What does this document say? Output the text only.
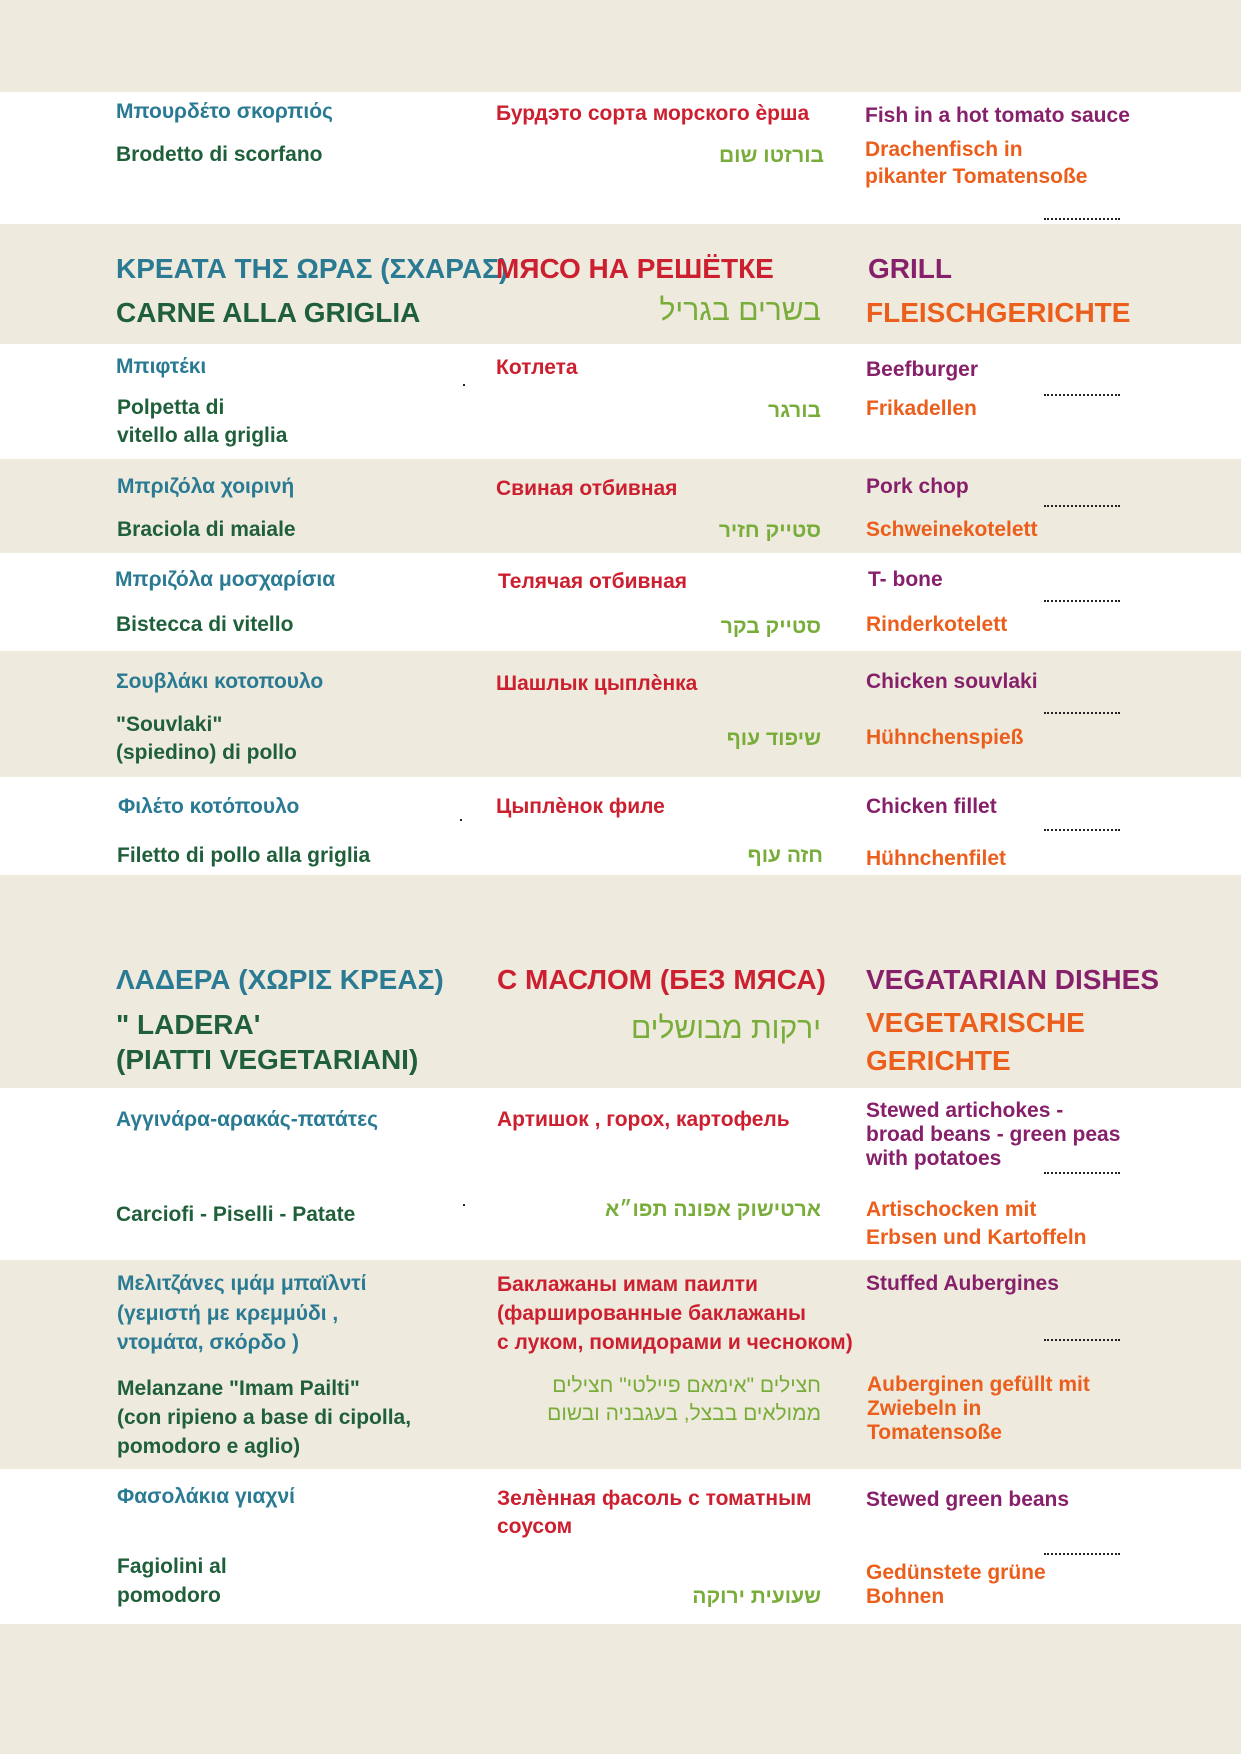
Μπουρδέτο σκορπιός
Brodetto di scorfano
Бурдэто сорта морского ѐрша
בורזטו שום
Fish in a hot tomato sauce
Drachenfisch in
pikanter Tomatensoße
ΚΡΕΑΤΑ ΤΗΣ ΩΡΑΣ (ΣΧΑΡΑΣ)
CARNE ALLA GRIGLIA
МЯСО НА РЕШЁТКЕ
בשרים בגריל
GRILL
FLEISCHGERICHTE
Μπιφτέκι
Polpetta di
vitello alla griglia
Котлета
בורגר
Beefburger
Frikadellen
Μπριζόλα χοιρινή
Braciola di maiale
Свиная отбивная
סטייק חזיר
Pork chop
Schweinekotelett
Μπριζόλα μοσχαρίσια
Bistecca di vitello
Телячая отбивная
סטייק בקר
T- bone
Rinderkotelett
Σουβλάκι κοτοπουλο
"Souvlaki"
(spiedino) di pollo
Шашлык цыплѐнка
שיפוד עוף
Chicken souvlaki
Hühnchenspieß
Φιλέτο κοτόπουλο
Filetto di pollo alla griglia
Цыплѐнок филе
חזה עוף
Chicken fillet
Hühnchenfilet
ΛΑΔΕΡΑ (ΧΩΡΙΣ ΚΡΕΑΣ)
" LADERA'
(PIATTI VEGETARIANI)
С МАСЛОМ (БЕЗ МЯСА)
ירקות מבושלים
VEGATARIAN DISHES
VEGETARISCHE
GERICHTE
Αγγινάρα-αρακάς-πατάτες
Carciofi - Piselli - Patate
Артишок , горох, картофель
ארטישוק אפונה תפו״א
Stewed artichokes -
broad beans - green peas
with potatoes
Artischocken mit
Erbsen und Kartoffeln
Μελιτζάνες ιμάμ μπαϊλντί
(γεμιστή με κρεμμύδι ,
ντομάτα, σκόρδο )
Melanzane "Imam Pailti"
(con ripieno a base di cipolla,
pomodoro e aglio)
Баклажаны имам паилти
(фаршированные баклажаны
с луком, помидорами и чесноком)
חצילים "אימאם פיילטי" חצילים
ממולאים בבצל, בעגבניה ובשום
Stuffed Aubergines
Auberginen gefüllt mit
Zwiebeln in
Tomatensoße
Φασολάκια γιαχνί
Fagiolini al
pomodoro
Зелѐнная фасоль с томатным
соусом
שעועית ירוקה
Stewed green beans
Gedünstete grüne
Bohnen
